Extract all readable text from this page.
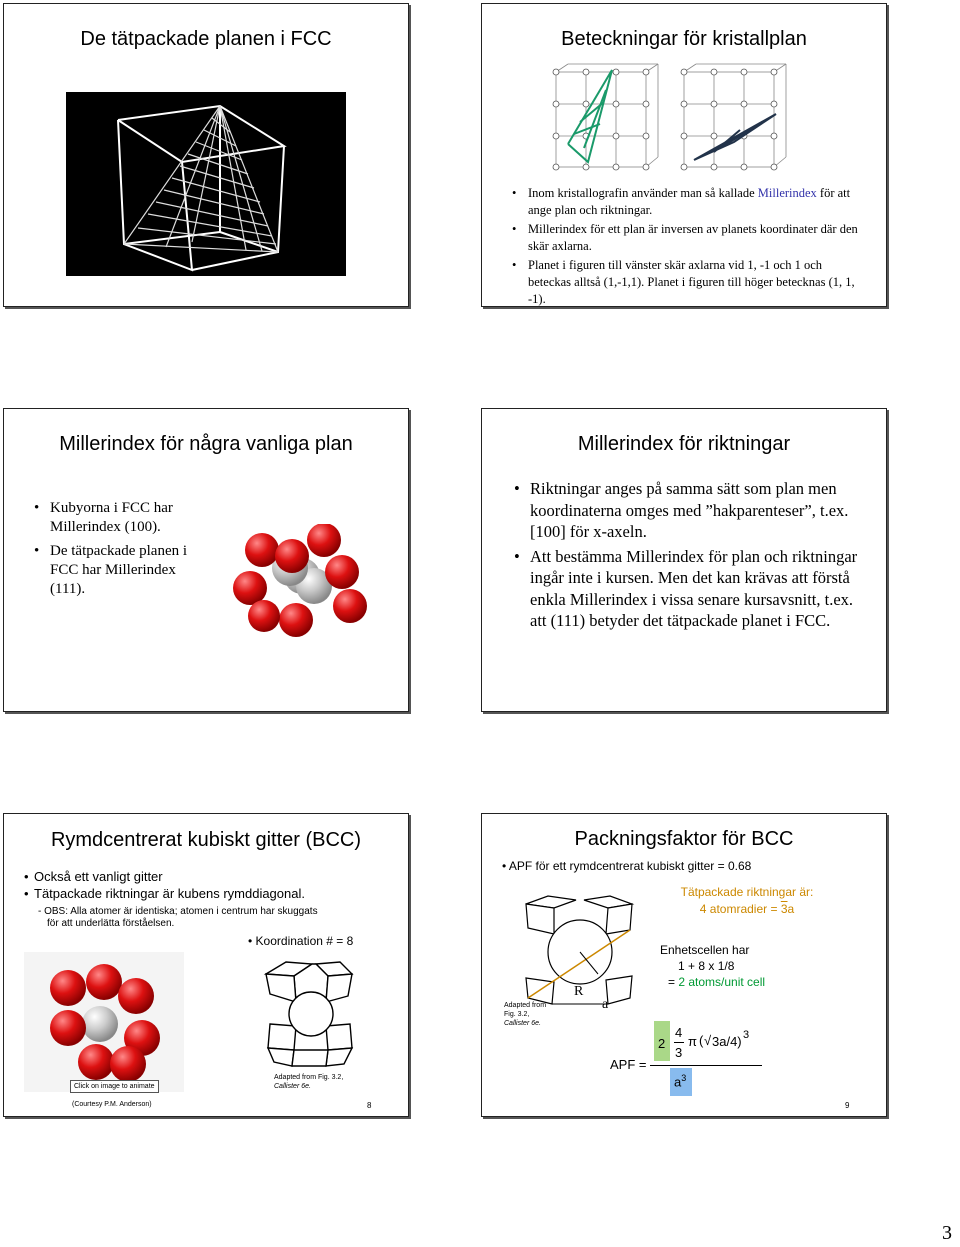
De tätpackade planen i FCC	Beteckningar för kristallplan
• Inom kristallografin använder man så kallade Millerindex för att ange plan och riktningar.
• Millerindex för ett plan är inversen av planets koordinater där den skär axlarna.
• Planet i figuren till vänster skär axlarna vid 1, -1 och 1 och beteckas alltså (1,-1,1). Planet i figuren till höger betecknas (1, 1, -1).
Millerindex för några vanliga plan
• Kubyorna i FCC har Millerindex (100).
• De tätpackade planen i FCC har Millerindex (111).
Millerindex för riktningar
• Riktningar anges på samma sätt som plan men koordinaterna omges med ”hakparenteser”, t.ex. [100] för x-axeln.
• Att bestämma Millerindex för plan och riktningar ingår inte i kursen. Men det kan krävas att förstå enkla Millerindex i vissa senare kursavsnitt, t.ex. att (111) betyder det tätpackade planet i FCC.
Rymdcentrerat kubiskt gitter (BCC)
• Också ett vanligt gitter
• Tätpackade riktningar är kubens rymddiagonal.
- OBS: Alla atomer är identiska; atomen i centrum har skuggats
för att underlätta förståelsen.
• Koordination # = 8
Click on image to animate
Adapted from Fig. 3.2,
Callister 6e.
(Courtesy P.M. Anderson)	8
Packningsfaktor för BCC
• APF för ett rymdcentrerat kubiskt gitter = 0.68
Tätpackade riktningar är:
4 atomradier = 3a
R
a
Adapted from
Fig. 3.2,
Callister 6e.
Enhetscellen har
1 + 8 x 1/8
= 2 atoms/unit cell
APF =
2
4
3
π ( √ 3a/4) 3
$a^3$
9
3
